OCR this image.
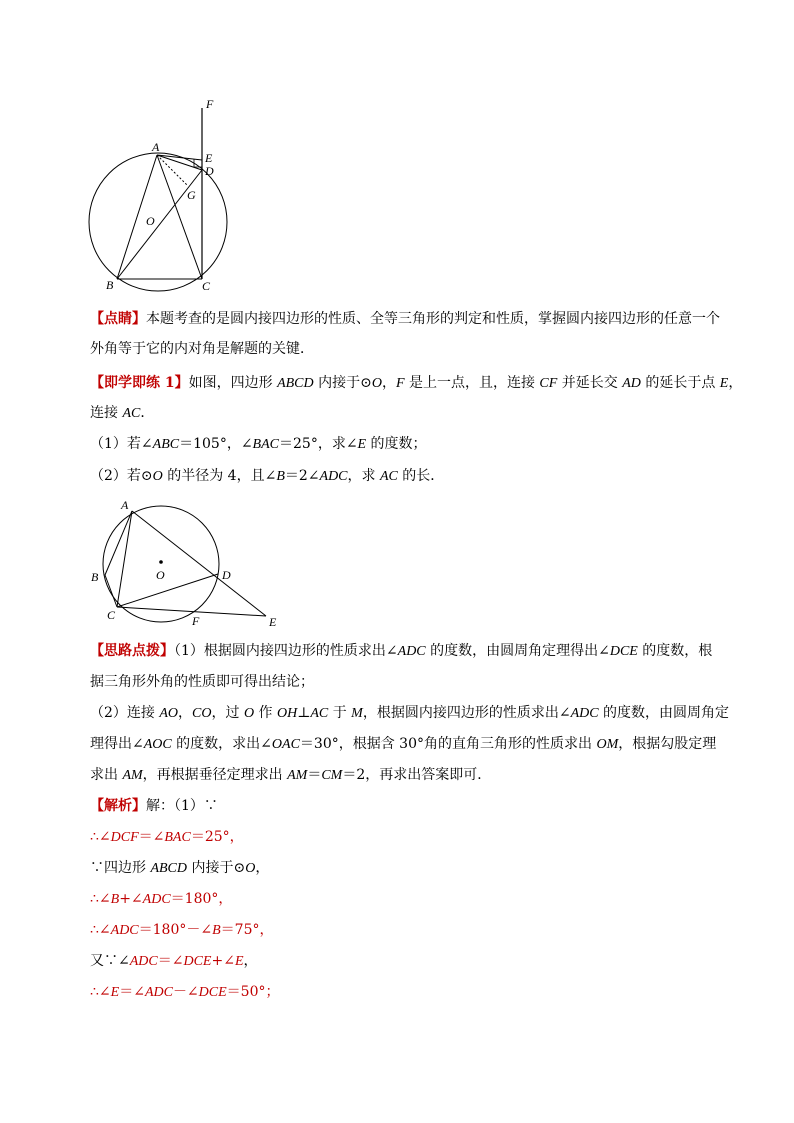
F
A
E
D
G
O
B	C
【点睛】本题考查的是圆内接四边形的性质、全等三角形的判定和性质，掌握圆内接四边形的任意一个
外角等于它的内对角是解题的关键．
【即学即练 1】如图，四边形 ABCD 内接于⊙O，F 是上一点，且，连接 CF 并延长交 AD 的延长于点 E，
连接 AC．
（1）若∠ABC＝105°，∠BAC＝25°，求∠E 的度数；
（2）若⊙O 的半径为 4，且∠B＝2∠ADC，求 AC 的长．
A
B	O	D
C	F	E
【思路点拨】（1）根据圆内接四边形的性质求出∠ADC 的度数，由圆周角定理得出∠DCE 的度数，根
据三角形外角的性质即可得出结论；
（2）连接 AO，CO，过 O 作 OH⊥AC 于 M，根据圆内接四边形的性质求出∠ADC 的度数，由圆周角定
理得出∠AOC 的度数，求出∠OAC＝30°，根据含 30°角的直角三角形的性质求出 OM，根据勾股定理
求出 AM，再根据垂径定理求出 AM＝CM＝2，再求出答案即可．
【解析】解：（1）∵
∴∠DCF＝∠BAC＝25°，
∵四边形 ABCD 内接于⊙O，
∴∠B+∠ADC＝180°，
∴∠ADC＝180°－∠B＝75°，
又∵∠ADC＝∠DCE+∠E，
∴∠E＝∠ADC－∠DCE＝50°；
